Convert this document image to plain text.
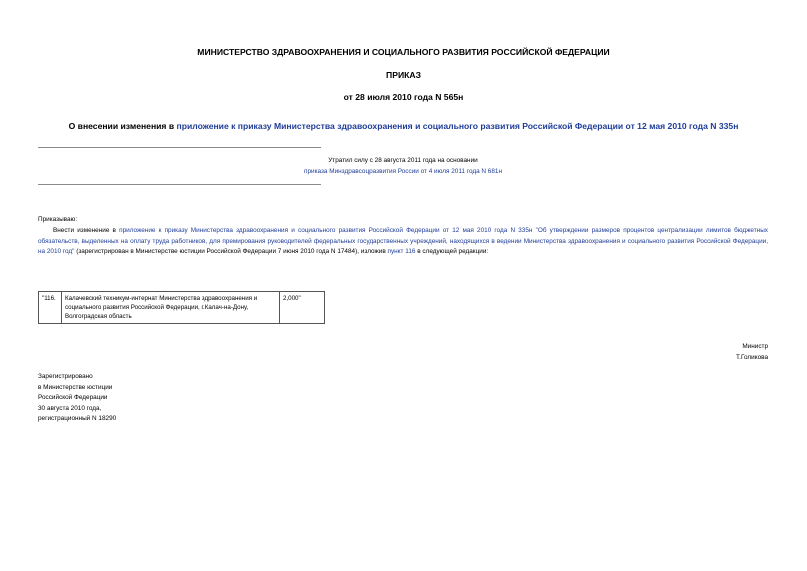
МИНИСТЕРСТВО ЗДРАВООХРАНЕНИЯ И СОЦИАЛЬНОГО РАЗВИТИЯ РОССИЙСКОЙ ФЕДЕРАЦИИ
ПРИКАЗ
от 28 июля 2010 года N 565н
О внесении изменения в приложение к приказу Министерства здравоохранения и социального развития Российской Федерации от 12 мая 2010 года N 335н
Утратил силу с 28 августа 2011 года на основании
приказа Минздравсоцразвития России от 4 июля 2011 года N 681н
Приказываю:
Внести изменение в приложение к приказу Министерства здравоохранения и социального развития Российской Федерации от 12 мая 2010 года N 335н "Об утверждении размеров процентов централизации лимитов бюджетных обязательств, выделенных на оплату труда работников, для премирования руководителей федеральных государственных учреждений, находящихся в ведении Министерства здравоохранения и социального развития Российской Федерации, на 2010 год" (зарегистрирован в Министерстве юстиции Российской Федерации 7 июня 2010 года N 17484), изложив пункт 116 в следующей редакции:
"116.	Калачевский техникум-интернат Министерства здравоохранения и социального развития Российской Федерации, г.Калач-на-Дону, Волгоградская область	2,000"
Министр
Т.Голикова
Зарегистрировано
в Министерстве юстиции
Российской Федерации
30 августа 2010 года,
регистрационный N 18290
